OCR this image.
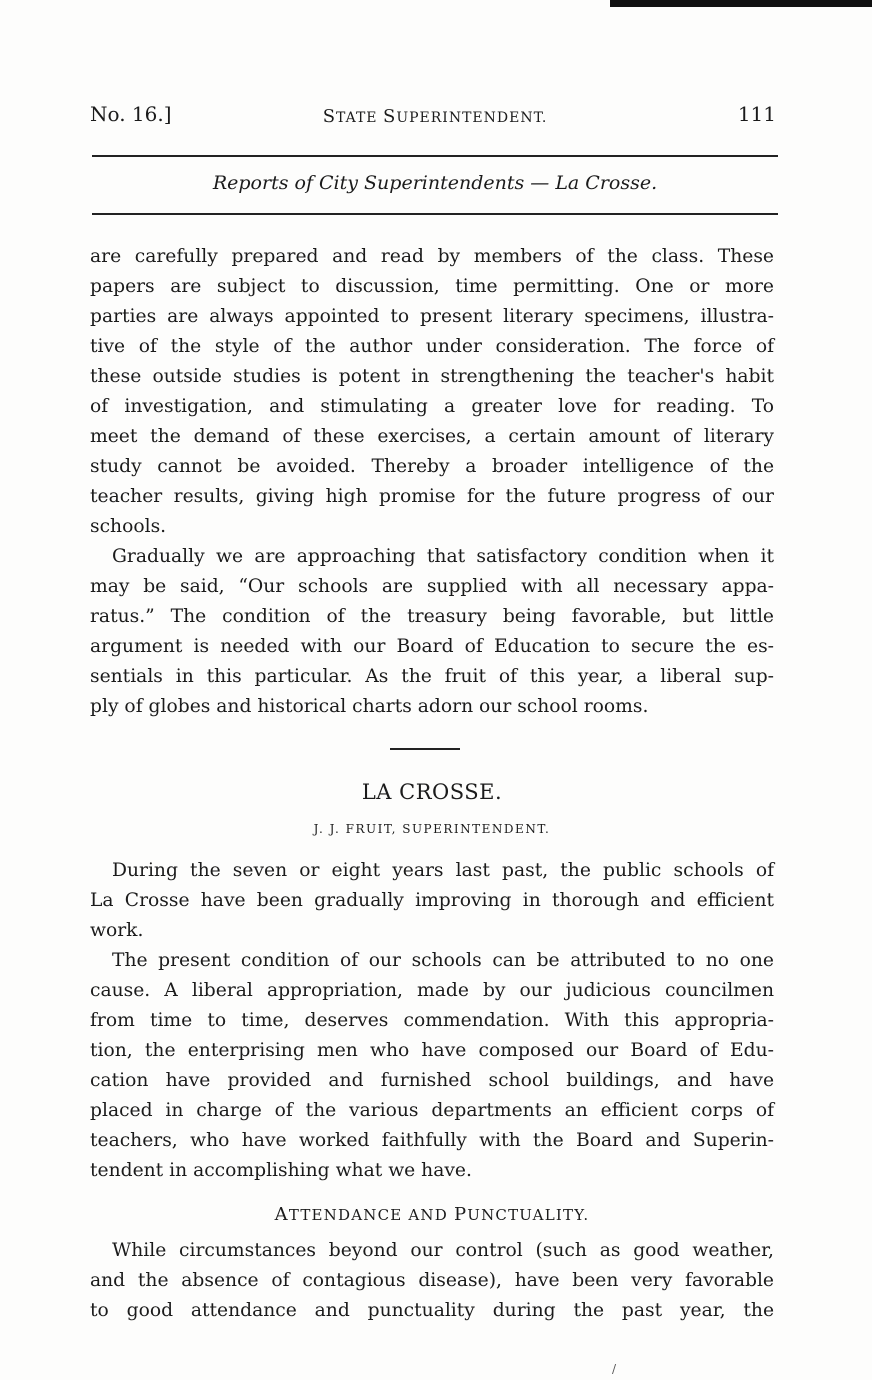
No. 16.]	STATE SUPERINTENDENT.	111
Reports of City Superintendents — La Crosse.
are carefully prepared and read by members of the class. These
papers are subject to discussion, time permitting. One or more
parties are always appointed to present literary specimens, illustra-
tive of the style of the author under consideration. The force of
these outside studies is potent in strengthening the teacher's habit
of investigation, and stimulating a greater love for reading. To
meet the demand of these exercises, a certain amount of literary
study cannot be avoided. Thereby a broader intelligence of the
teacher results, giving high promise for the future progress of our
schools.
Gradually we are approaching that satisfactory condition when it
may be said, “Our schools are supplied with all necessary appa-
ratus.” The condition of the treasury being favorable, but little
argument is needed with our Board of Education to secure the es-
sentials in this particular. As the fruit of this year, a liberal sup-
ply of globes and historical charts adorn our school rooms.
LA CROSSE.
J. J. FRUIT, SUPERINTENDENT.
During the seven or eight years last past, the public schools of
La Crosse have been gradually improving in thorough and efficient
work.
The present condition of our schools can be attributed to no one
cause. A liberal appropriation, made by our judicious councilmen
from time to time, deserves commendation. With this appropria-
tion, the enterprising men who have composed our Board of Edu-
cation have provided and furnished school buildings, and have
placed in charge of the various departments an efficient corps of
teachers, who have worked faithfully with the Board and Superin-
tendent in accomplishing what we have.
ATTENDANCE AND PUNCTUALITY.
While circumstances beyond our control (such as good weather,
and the absence of contagious disease), have been very favorable
to good attendance and punctuality during the past year, the
/
